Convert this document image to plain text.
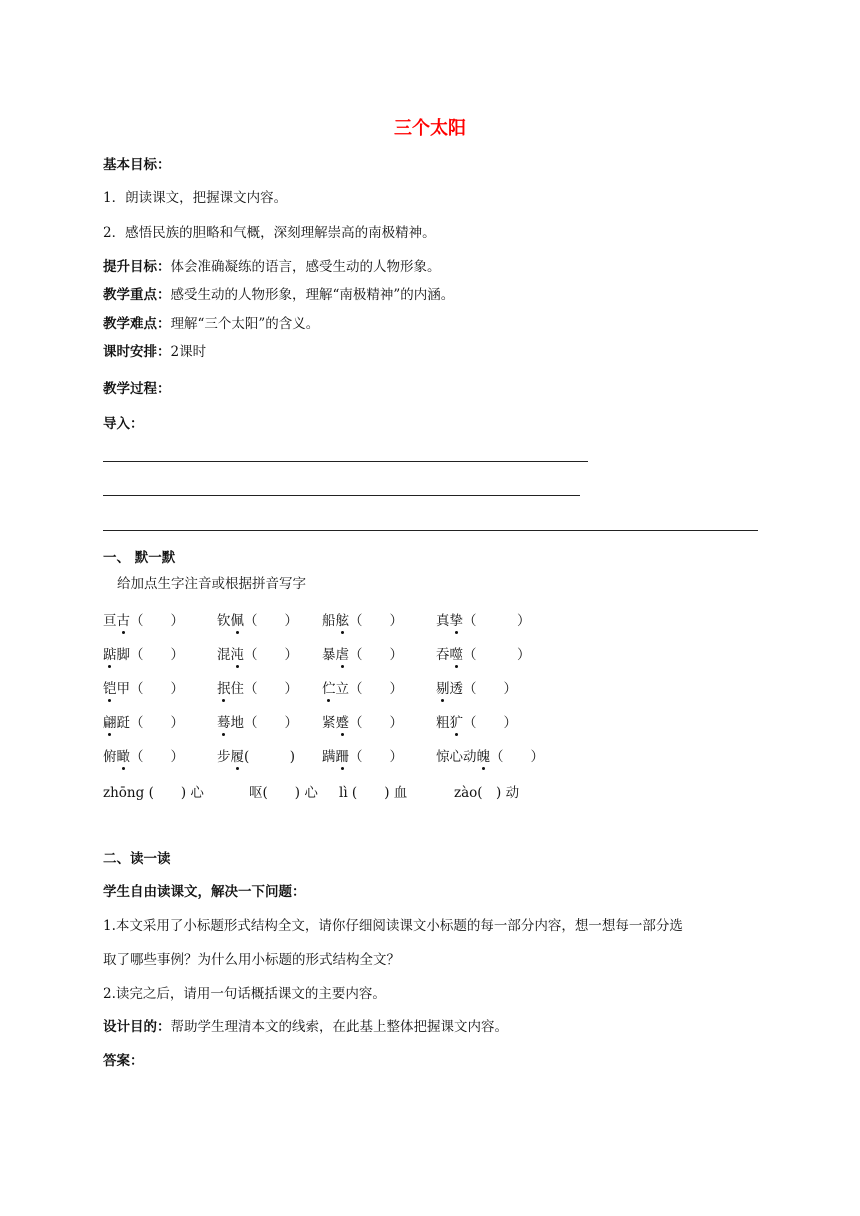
三个太阳
基本目标：
1．朗读课文，把握课文内容。
2．感悟民族的胆略和气概，深刻理解崇高的南极精神。
提升目标：体会准确凝练的语言，感受生动的人物形象。
教学重点：感受生动的人物形象，理解“南极精神”的内涵。
教学难点：理解“三个太阳”的含义。
课时安排：2课时
教学过程：
导入：
一、 默一默
给加点生字注音或根据拼音写字
亘古（　　） 钦佩（　　） 船舷（　　） 真挚（　　　）
踮脚（　　） 混沌（　　） 暴虐（　　） 吞噬（　　　）
铠甲（　　） 抿住（　　） 伫立（　　） 剔透（　　）
翩跹（　　） 蓦地（　　） 紧蹙（　　） 粗犷（　　）
俯瞰（　　） 步履(　　　) 蹒跚（　　） 惊心动魄（　　）
zhōng (　　) 心	呕(　　) 心 lì (　　) 血	zào(　) 动
二、读一读
学生自由读课文，解决一下问题：
1.本文采用了小标题形式结构全文，请你仔细阅读课文小标题的每一部分内容，想一想每一部分选
取了哪些事例？为什么用小标题的形式结构全文？
2.读完之后，请用一句话概括课文的主要内容。
设计目的：帮助学生理清本文的线索，在此基上整体把握课文内容。
答案：
